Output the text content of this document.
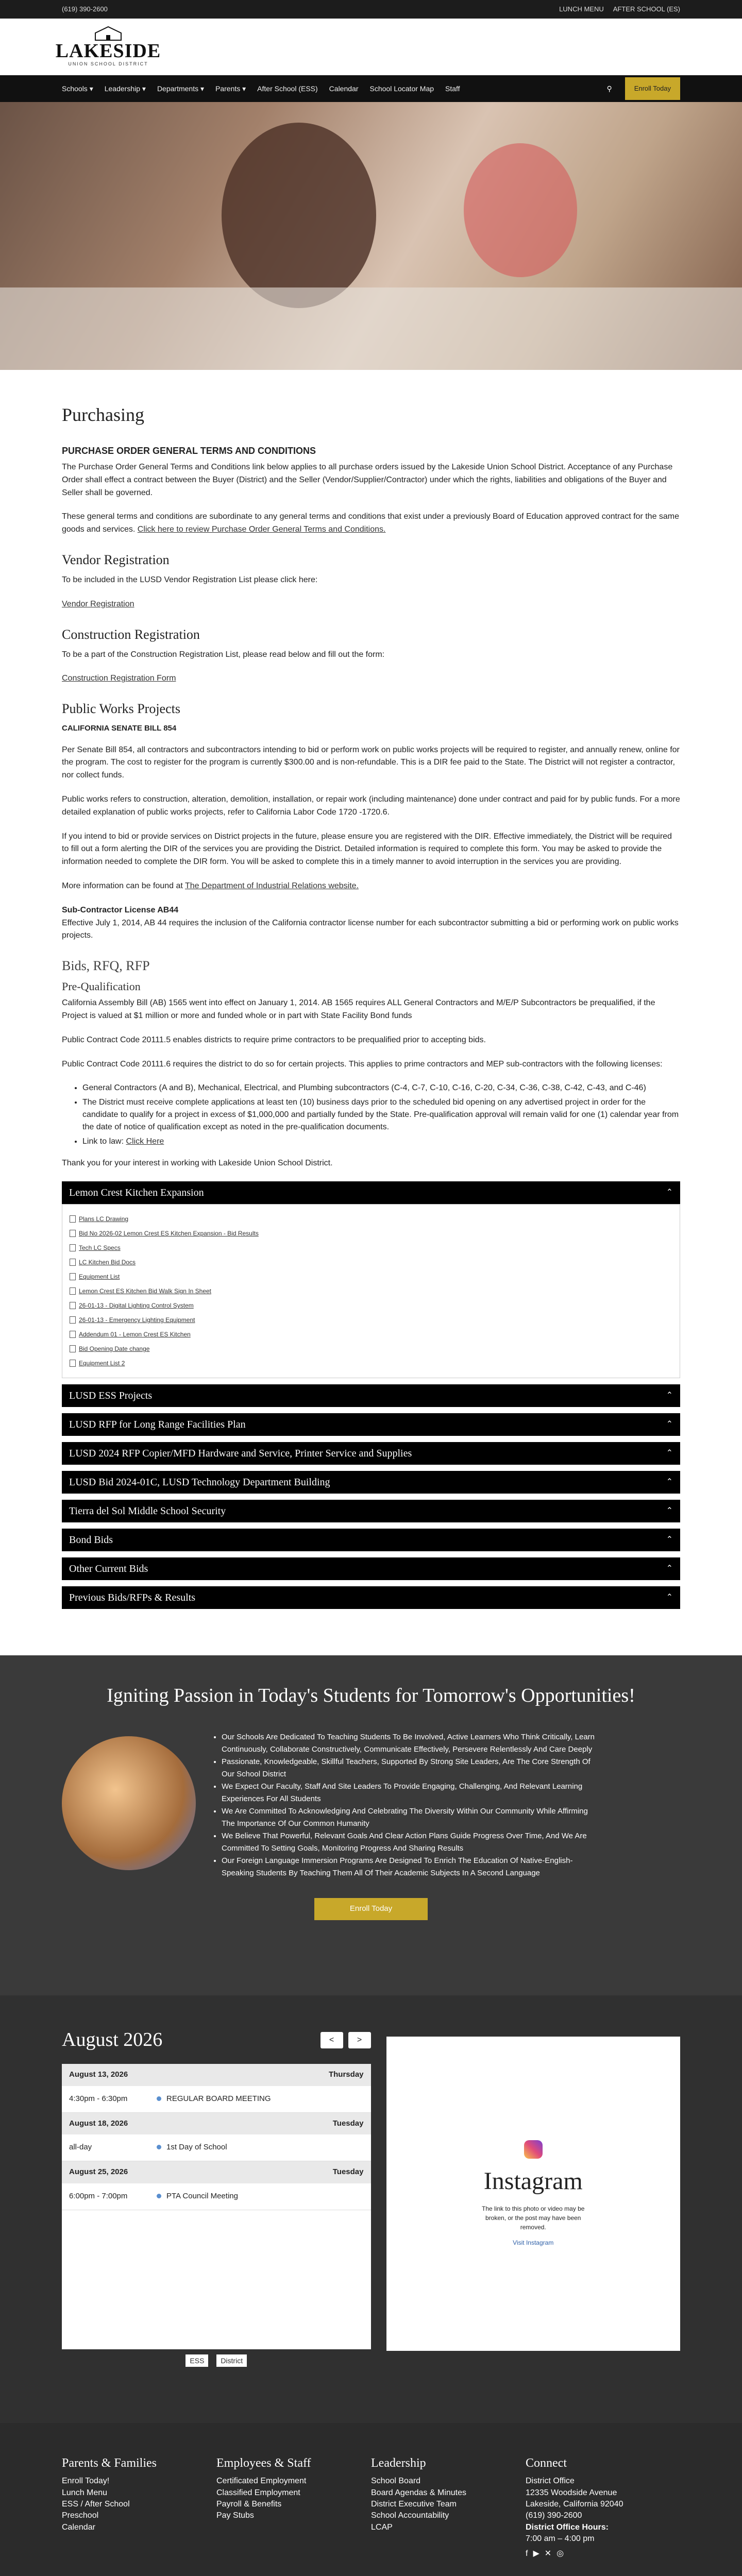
(619) 390-2600	LUNCH MENU AFTER SCHOOL (ES)
LAKESIDE
UNION SCHOOL DISTRICT
Schools ▾ Leadership ▾ Departments ▾ Parents ▾ After School (ESS) Calendar School Locator Map Staff	⚲	Enroll Today
Purchasing
PURCHASE ORDER GENERAL TERMS AND CONDITIONS

The Purchase Order General Terms and Conditions link below applies to all purchase orders issued by the Lakeside Union School District. Acceptance of any Purchase Order shall effect a contract between the Buyer (District) and the Seller (Vendor/Supplier/Contractor) under which the rights, liabilities and obligations of the Buyer and Seller shall be governed.

These general terms and conditions are subordinate to any general terms and conditions that exist under a previously Board of Education approved contract for the same goods and services. Click here to review Purchase Order General Terms and Conditions.

Vendor Registration

To be included in the LUSD Vendor Registration List please click here:

Vendor Registration

Construction Registration

To be a part of the Construction Registration List, please read below and fill out the form:

Construction Registration Form

Public Works Projects
CALIFORNIA SENATE BILL 854

Per Senate Bill 854, all contractors and subcontractors intending to bid or perform work on public works projects will be required to register, and annually renew, online for the program. The cost to register for the program is currently $300.00 and is non-refundable. This is a DIR fee paid to the State. The District will not register a contractor, nor collect funds.

Public works refers to construction, alteration, demolition, installation, or repair work (including maintenance) done under contract and paid for by public funds. For a more detailed explanation of public works projects, refer to California Labor Code 1720 -1720.6.

If you intend to bid or provide services on District projects in the future, please ensure you are registered with the DIR. Effective immediately, the District will be required to fill out a form alerting the DIR of the services you are providing the District. Detailed information is required to complete this form. You may be asked to provide the information needed to complete the DIR form. You will be asked to complete this in a timely manner to avoid interruption in the services you are providing.

More information can be found at The Department of Industrial Relations website.

Sub-Contractor License AB44
Effective July 1, 2014, AB 44 requires the inclusion of the California contractor license number for each subcontractor submitting a bid or performing work on public works projects.

Bids, RFQ, RFP
Pre-Qualification

California Assembly Bill (AB) 1565 went into effect on January 1, 2014. AB 1565 requires ALL General Contractors and M/E/P Subcontractors be prequalified, if the Project is valued at $1 million or more and funded whole or in part with State Facility Bond funds

Public Contract Code 20111.5 enables districts to require prime contractors to be prequalified prior to accepting bids.

Public Contract Code 20111.6 requires the district to do so for certain projects. This applies to prime contractors and MEP sub-contractors with the following licenses:

• General Contractors (A and B), Mechanical, Electrical, and Plumbing subcontractors (C-4, C-7, C-10, C-16, C-20, C-34, C-36, C-38, C-42, C-43, and C-46)
• The District must receive complete applications at least ten (10) business days prior to the scheduled bid opening on any advertised project in order for the candidate to qualify for a project in excess of $1,000,000 and partially funded by the State. Pre-qualification approval will remain valid for one (1) calendar year from the date of notice of qualification except as noted in the pre-qualification documents.
• Link to law: Click Here

Thank you for your interest in working with Lakeside Union School District.

Lemon Crest Kitchen Expansion	⌃
Plans LC Drawing
Bid No 2026-02 Lemon Crest ES Kitchen Expansion - Bid Results
Tech LC Specs
LC Kitchen Bid Docs
Equipment List
Lemon Crest ES Kitchen Bid Walk Sign In Sheet
26-01-13 - Digital Lighting Control System
26-01-13 - Emergency Lighting Equipment
Addendum 01 - Lemon Crest ES Kitchen
Bid Opening Date change
Equipment List 2
LUSD ESS Projects	⌃
LUSD RFP for Long Range Facilities Plan	⌃
LUSD 2024 RFP Copier/MFD Hardware and Service, Printer Service and Supplies	⌃
LUSD Bid 2024-01C, LUSD Technology Department Building	⌃
Tierra del Sol Middle School Security	⌃
Bond Bids	⌃
Other Current Bids	⌃
Previous Bids/RFPs & Results	⌃
Igniting Passion in Today's Students for Tomorrow's Opportunities!
• Our Schools Are Dedicated To Teaching Students To Be Involved, Active Learners Who Think Critically, Learn Continuously, Collaborate Constructively, Communicate Effectively, Persevere Relentlessly And Care Deeply
• Passionate, Knowledgeable, Skillful Teachers, Supported By Strong Site Leaders, Are The Core Strength Of Our School District
• We Expect Our Faculty, Staff And Site Leaders To Provide Engaging, Challenging, And Relevant Learning Experiences For All Students
• We Are Committed To Acknowledging And Celebrating The Diversity Within Our Community While Affirming The Importance Of Our Common Humanity
• We Believe That Powerful, Relevant Goals And Clear Action Plans Guide Progress Over Time, And We Are Committed To Setting Goals, Monitoring Progress And Sharing Results
• Our Foreign Language Immersion Programs Are Designed To Enrich The Education Of Native-English-Speaking Students By Teaching Them All Of Their Academic Subjects In A Second Language
Enroll Today
August 2026	<	>
August 13, 2026	Thursday
4:30pm - 6:30pm	REGULAR BOARD MEETING
August 18, 2026	Tuesday
all-day	1st Day of School
August 25, 2026	Tuesday
6:00pm - 7:00pm	PTA Council Meeting
ESS District
Instagram
The link to this photo or video may be broken, or the post may have been removed.
Visit Instagram
Parents & Families
Enroll Today!
Lunch Menu
ESS / After School
Preschool
Calendar
Employees & Staff
Certificated Employment
Classified Employment
Payroll & Benefits
Pay Stubs
Leadership
School Board
Board Agendas & Minutes
District Executive Team
School Accountability
LCAP
Connect
District Office
12335 Woodside Avenue
Lakeside, California 92040
(619) 390-2600
District Office Hours:
7:00 am – 4:00 pm
f ▶ ✕ ◎
